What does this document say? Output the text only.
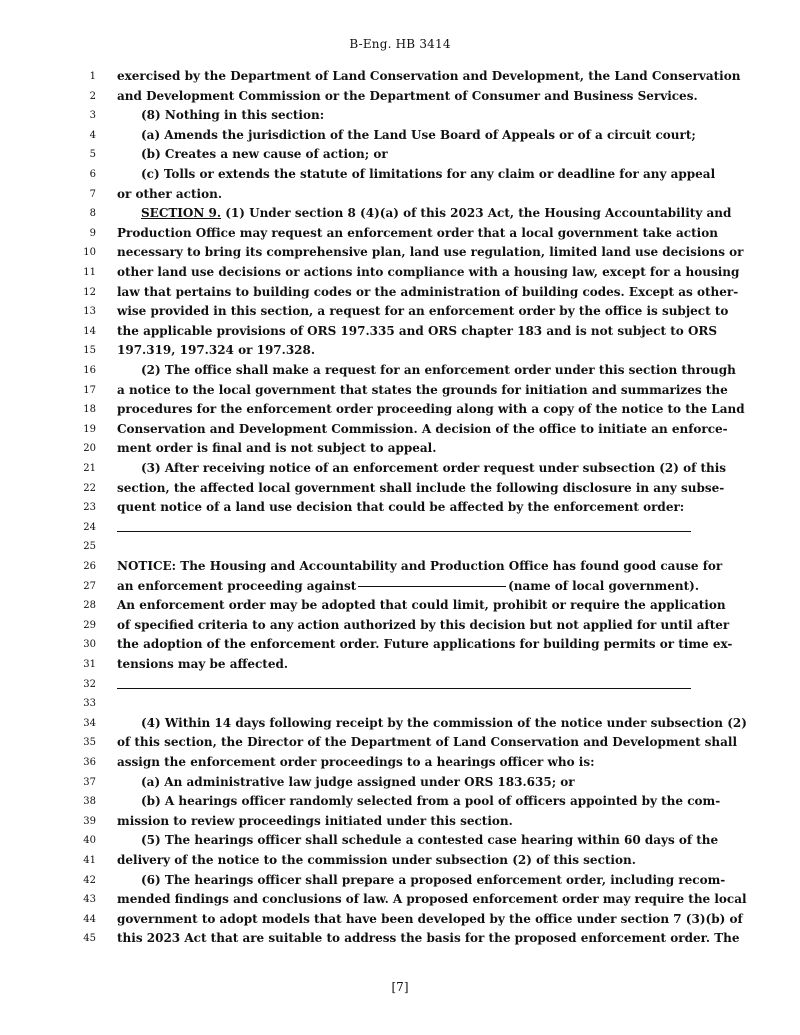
B-Eng. HB 3414
1 exercised by the Department of Land Conservation and Development, the Land Conservation
2 and Development Commission or the Department of Consumer and Business Services.
3	(8) Nothing in this section:
4	(a) Amends the jurisdiction of the Land Use Board of Appeals or of a circuit court;
5	(b) Creates a new cause of action; or
6	(c) Tolls or extends the statute of limitations for any claim or deadline for any appeal
7 or other action.
8	SECTION 9. (1) Under section 8 (4)(a) of this 2023 Act, the Housing Accountability and
9 Production Office may request an enforcement order that a local government take action
10 necessary to bring its comprehensive plan, land use regulation, limited land use decisions or
11 other land use decisions or actions into compliance with a housing law, except for a housing
12 law that pertains to building codes or the administration of building codes. Except as other-
13 wise provided in this section, a request for an enforcement order by the office is subject to
14 the applicable provisions of ORS 197.335 and ORS chapter 183 and is not subject to ORS
15 197.319, 197.324 or 197.328.
16	(2) The office shall make a request for an enforcement order under this section through
17 a notice to the local government that states the grounds for initiation and summarizes the
18 procedures for the enforcement order proceeding along with a copy of the notice to the Land
19 Conservation and Development Commission. A decision of the office to initiate an enforce-
20 ment order is final and is not subject to appeal.
21	(3) After receiving notice of an enforcement order request under subsection (2) of this
22 section, the affected local government shall include the following disclosure in any subse-
23 quent notice of a land use decision that could be affected by the enforcement order:
24
25
26 NOTICE: The Housing and Accountability and Production Office has found good cause for
27 an enforcement proceeding against	(name of local government).
28 An enforcement order may be adopted that could limit, prohibit or require the application
29 of specified criteria to any action authorized by this decision but not applied for until after
30 the adoption of the enforcement order. Future applications for building permits or time ex-
31 tensions may be affected.
32
33
34	(4) Within 14 days following receipt by the commission of the notice under subsection (2)
35 of this section, the Director of the Department of Land Conservation and Development shall
36 assign the enforcement order proceedings to a hearings officer who is:
37	(a) An administrative law judge assigned under ORS 183.635; or
38	(b) A hearings officer randomly selected from a pool of officers appointed by the com-
39 mission to review proceedings initiated under this section.
40	(5) The hearings officer shall schedule a contested case hearing within 60 days of the
41 delivery of the notice to the commission under subsection (2) of this section.
42	(6) The hearings officer shall prepare a proposed enforcement order, including recom-
43 mended findings and conclusions of law. A proposed enforcement order may require the local
44 government to adopt models that have been developed by the office under section 7 (3)(b) of
45 this 2023 Act that are suitable to address the basis for the proposed enforcement order. The
[7]
